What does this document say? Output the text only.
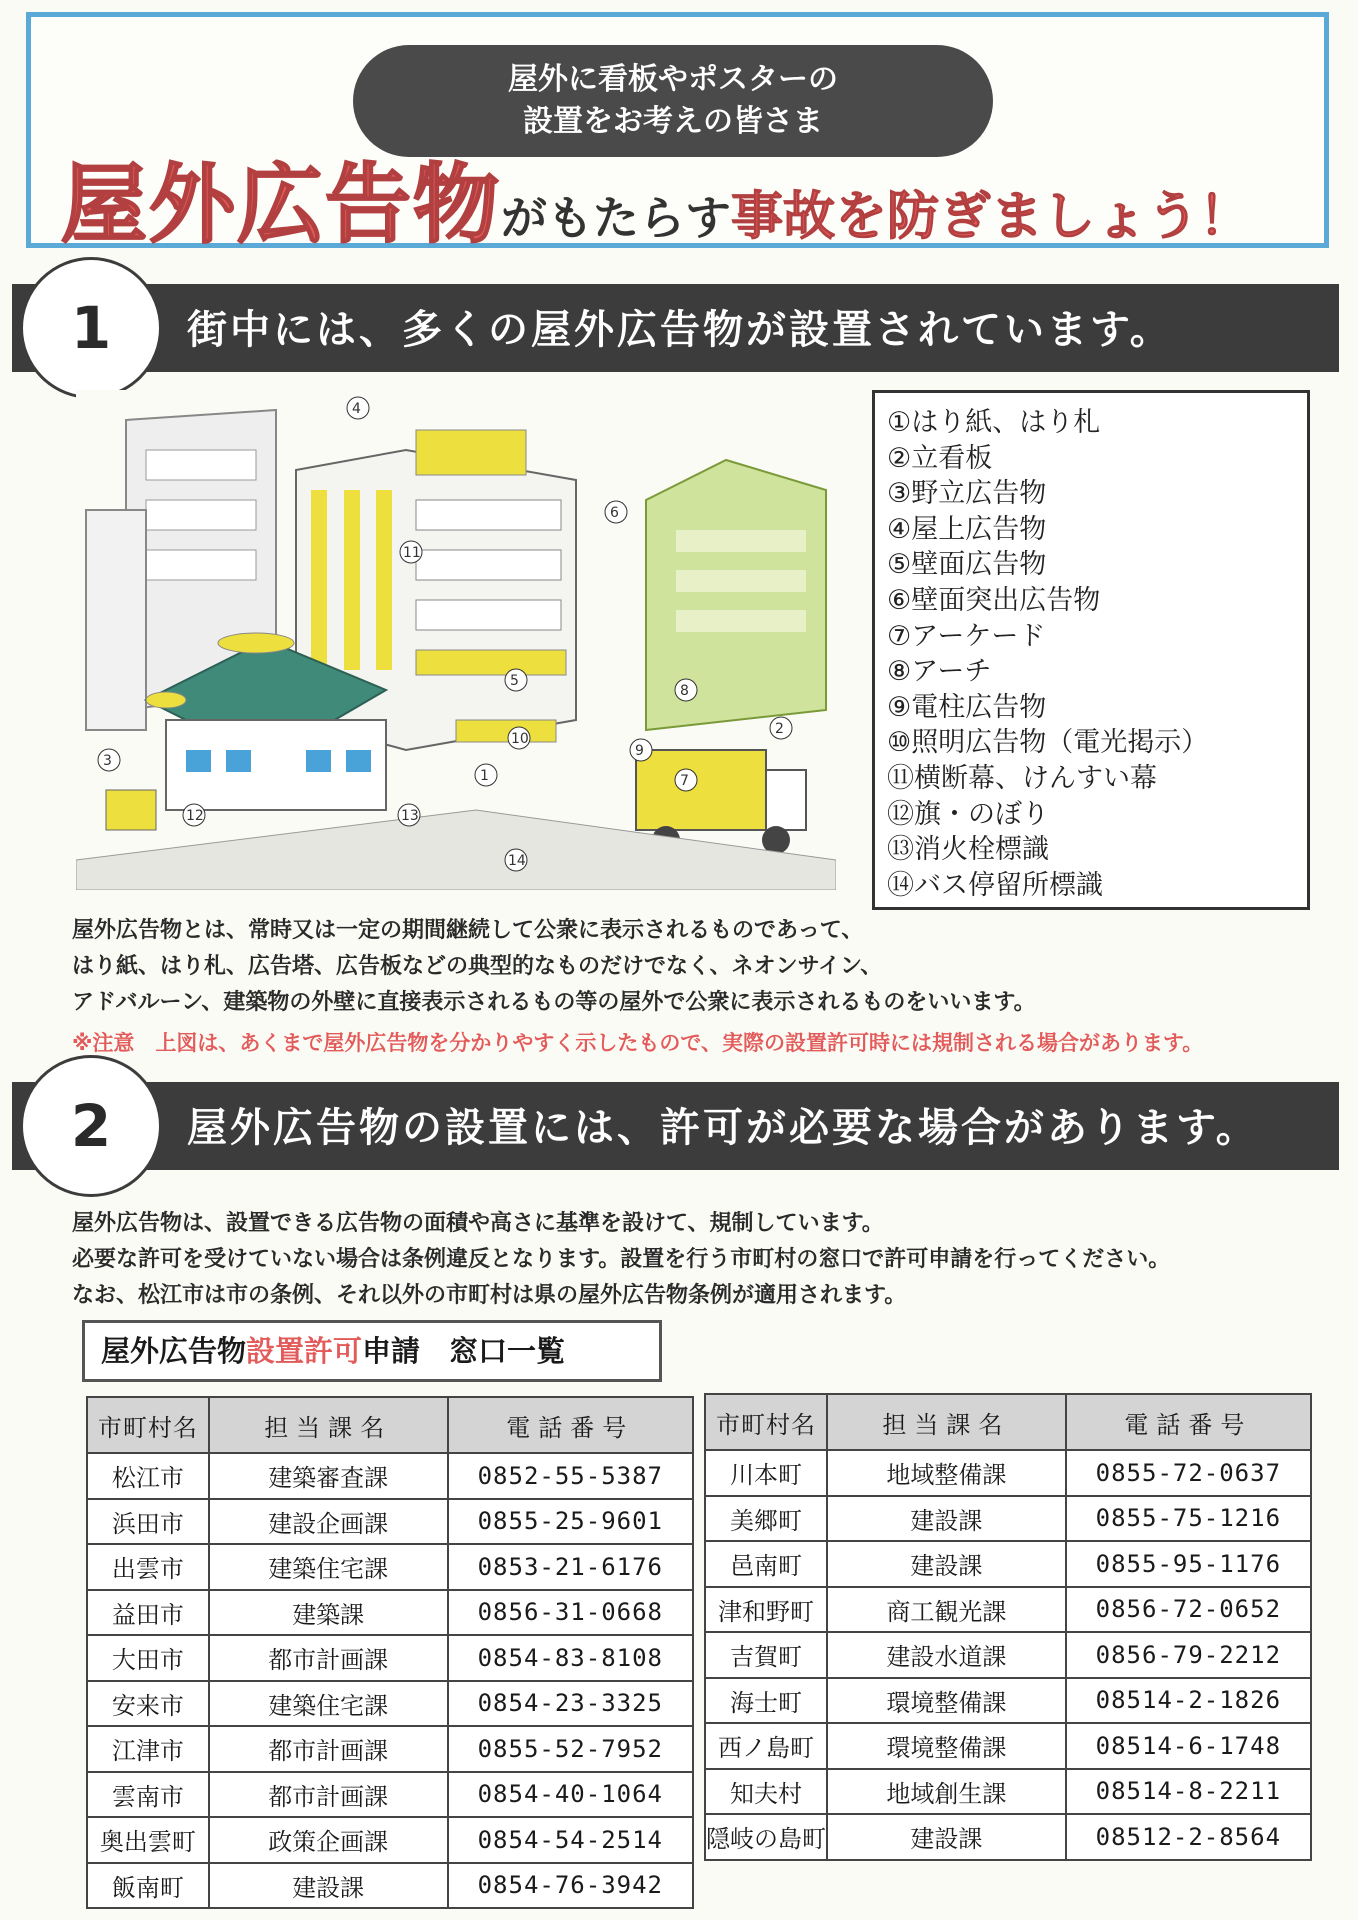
屋外に看板やポスターの
設置をお考えの皆さま
屋外広告物がもたらす事故を防ぎましょう！
街中には、多くの屋外広告物が設置されています。
1
4
6
11
5
10
1
2
3
7
8
9
12	13
14
①はり紙、はり札
②立看板
③野立広告物
④屋上広告物
⑤壁面広告物
⑥壁面突出広告物
⑦アーケード
⑧アーチ
⑨電柱広告物
⑩照明広告物（電光掲示）
⑪横断幕、けんすい幕
⑫旗・のぼり
⑬消火栓標識
⑭バス停留所標識
屋外広告物とは、常時又は一定の期間継続して公衆に表示されるものであって、
はり紙、はり札、広告塔、広告板などの典型的なものだけでなく、ネオンサイン、
アドバルーン、建築物の外壁に直接表示されるもの等の屋外で公衆に表示されるものをいいます。
※注意　上図は、あくまで屋外広告物を分かりやすく示したもので、実際の設置許可時には規制される場合があります。
屋外広告物の設置には、許可が必要な場合があります。
2
屋外広告物は、設置できる広告物の面積や高さに基準を設けて、規制しています。
必要な許可を受けていない場合は条例違反となります。設置を行う市町村の窓口で許可申請を行ってください。
なお、松江市は市の条例、それ以外の市町村は県の屋外広告物条例が適用されます。
屋外広告物設置許可申請　窓口一覧
市町村名	担当課名	電話番号
松江市	建築審査課	0852-55-5387
浜田市	建設企画課	0855-25-9601
出雲市	建築住宅課	0853-21-6176
益田市	建築課	0856-31-0668
大田市	都市計画課	0854-83-8108
安来市	建築住宅課	0854-23-3325
江津市	都市計画課	0855-52-7952
雲南市	都市計画課	0854-40-1064
奥出雲町	政策企画課	0854-54-2514
飯南町	建設課	0854-76-3942
市町村名	担当課名	電話番号
川本町	地域整備課	0855-72-0637
美郷町	建設課	0855-75-1216
邑南町	建設課	0855-95-1176
津和野町	商工観光課	0856-72-0652
吉賀町	建設水道課	0856-79-2212
海士町	環境整備課	08514-2-1826
西ノ島町	環境整備課	08514-6-1748
知夫村	地域創生課	08514-8-2211
隠岐の島町	建設課	08512-2-8564
